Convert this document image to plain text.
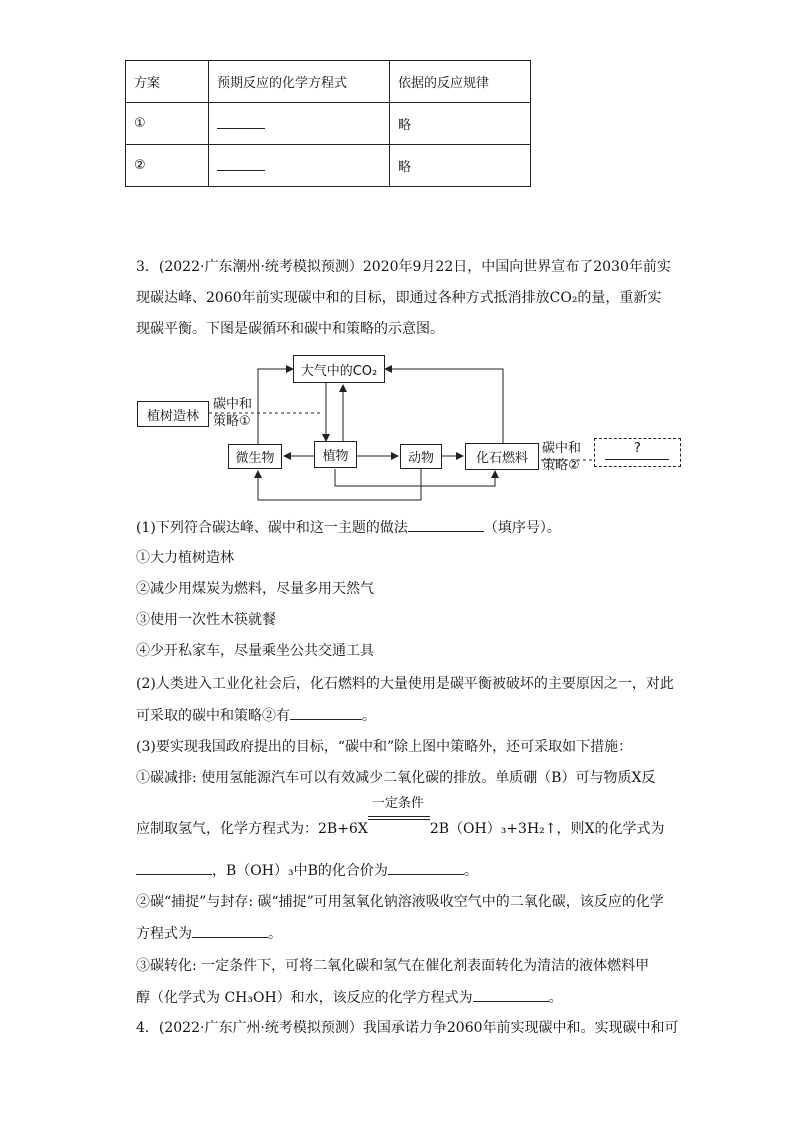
方案	预期反应的化学方程式	依据的反应规律
①		略
②		略
3．(2022·广东潮州·统考模拟预测）2020年9月22日，中国向世界宣布了2030年前实
现碳达峰、2060年前实现碳中和的目标，即通过各种方式抵消排放CO₂的量，重新实
现碳平衡。下图是碳循环和碳中和策略的示意图。
大气中的CO₂
植树造林
碳中和
策略①
微生物	植物	动物	化石燃料
碳中和
策略②
?
(1)下列符合碳达峰、碳中和这一主题的做法	（填序号）。
①大力植树造林
②减少用煤炭为燃料，尽量多用天然气
③使用一次性木筷就餐
④少开私家车，尽量乘坐公共交通工具
(2)人类进入工业化社会后，化石燃料的大量使用是碳平衡被破坏的主要原因之一，对此
可采取的碳中和策略②有	。
(3)要实现我国政府提出的目标，“碳中和”除上图中策略外，还可采取如下措施：
①碳减排: 使用氢能源汽车可以有效减少二氧化碳的排放。单质硼（B）可与物质X反
应制取氢气，化学方程式为：2B+6X
一定条件
2B（OH）₃+3H₂↑，则X的化学式为
，B（OH）₃中B的化合价为	。
②碳“捕捉”与封存: 碳“捕捉”可用氢氧化钠溶液吸收空气中的二氧化碳，该反应的化学
方程式为	。
③碳转化: 一定条件下，可将二氧化碳和氢气在催化剂表面转化为清洁的液体燃料甲
醇（化学式为 CH₃OH）和水，该反应的化学方程式为	。
4．(2022·广东广州·统考模拟预测）我国承诺力争2060年前实现碳中和。实现碳中和可
